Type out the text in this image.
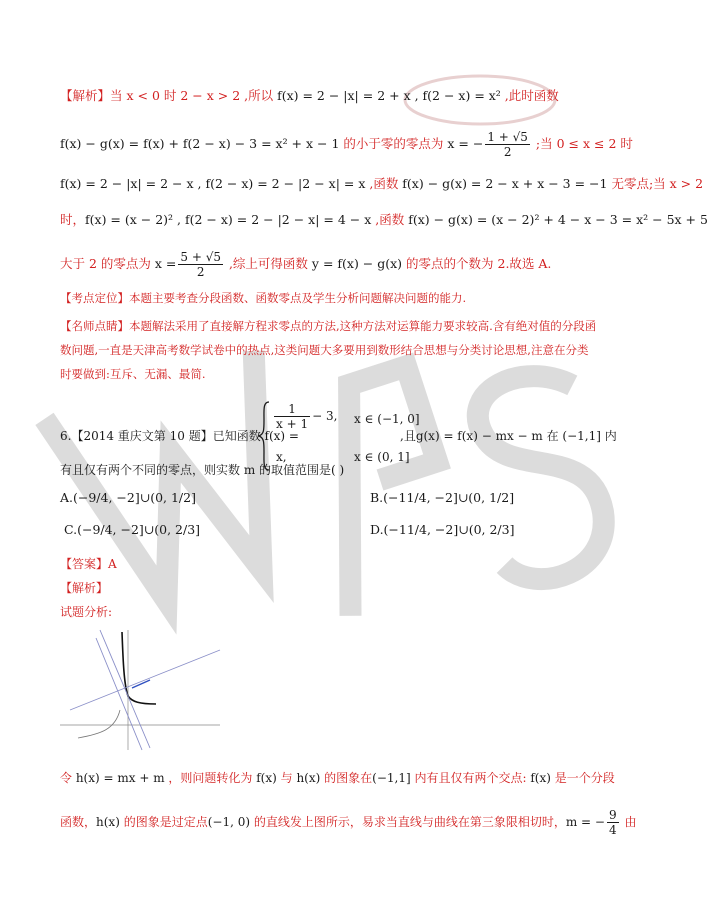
【解析】当 x < 0 时 2 − x > 2 ,所以 f(x) = 2 − |x| = 2 + x , f(2 − x) = x² ,此时函数
f(x) − g(x) = f(x) + f(2 − x) − 3 = x² + x − 1 的小于零的零点为 x = − $\frac{1 + √5}{2}$ ;当 0 ≤ x ≤ 2 时
f(x) = 2 − |x| = 2 − x , f(2 − x) = 2 − |2 − x| = x ,函数 f(x) − g(x) = 2 − x + x − 3 = −1 无零点;当 x > 2
时，f(x) = (x − 2)² , f(2 − x) = 2 − |2 − x| = 4 − x ,函数 f(x) − g(x) = (x − 2)² + 4 − x − 3 = x² − 5x + 5
大于 2 的零点为 $x = \frac{5 + √5}{2}$ ,综上可得函数 y = f(x) − g(x) 的零点的个数为 2.故选 A.
【考点定位】本题主要考查分段函数、函数零点及学生分析问题解决问题的能力.
【名师点睛】本题解法采用了直接解方程求零点的方法,这种方法对运算能力要求较高.含有绝对值的分段函
数问题,一直是天津高考数学试卷中的热点,这类问题大多要用到数形结合思想与分类讨论思想,注意在分类
时要做到:互斥、无漏、最简.
6.【2014 重庆文第 10 题】已知函数 f(x) =
$\frac{1}{x + 1} - 3$, x ∈ (−1, 0]
x,	x ∈ (0, 1]
,且g(x) = f(x) − mx − m 在 (−1,1] 内
有且仅有两个不同的零点，则实数 m 的取值范围是( )
A.(−9/4, −2]∪(0, 1/2]	B.(−11/4, −2]∪(0, 1/2]
C.(−9/4, −2]∪(0, 2/3]	D.(−11/4, −2]∪(0, 2/3]
【答案】A
【解析】
试题分析:
令 h(x) = mx + m ，则问题转化为 f(x) 与 h(x) 的图象在(−1,1] 内有且仅有两个交点: f(x) 是一个分段
函数，h(x) 的图象是过定点(−1, 0) 的直线发上图所示，易求当直线与曲线在第三象限相切时，m = − $\frac{9}{4}$ 由
